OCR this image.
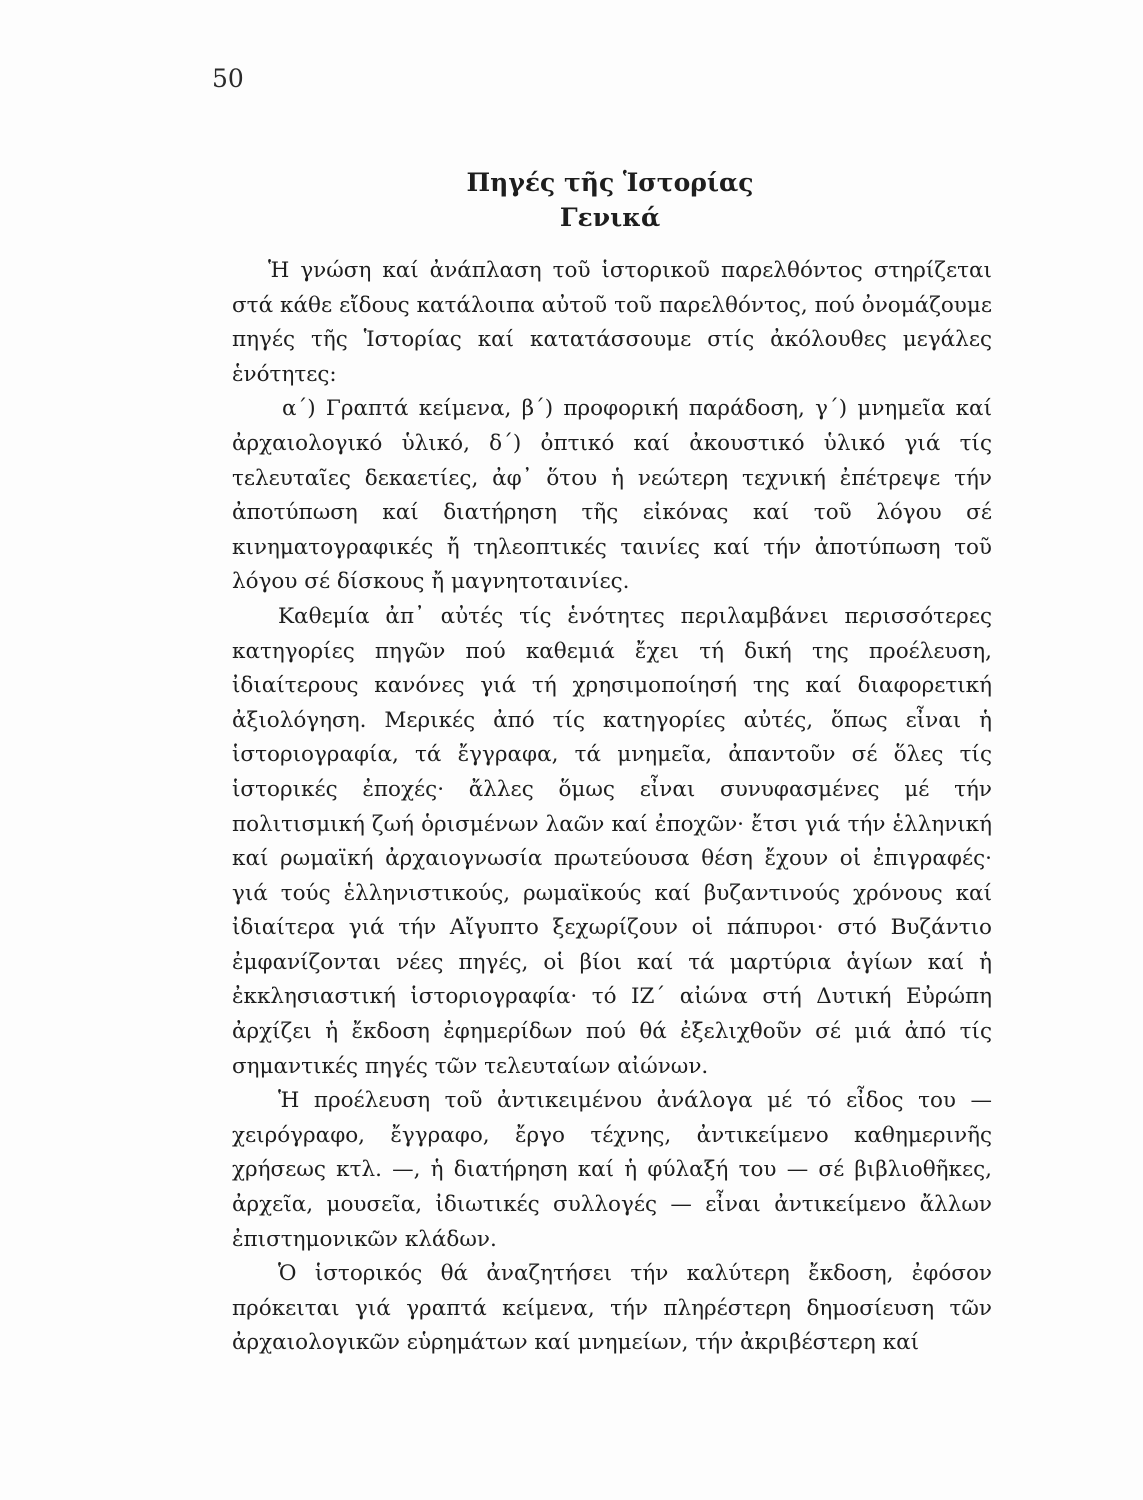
50
Πηγές τῆς Ἱστορίας
Γενικά

Ἡ γνώση καί ἀνάπλαση τοῦ ἱστορικοῦ παρελθόντος στηρίζεται στά κάθε εἴδους κατάλοιπα αὐτοῦ τοῦ παρελθόντος, πού ὀνομάζουμε πηγές τῆς Ἱστορίας καί κατατάσσουμε στίς ἀκόλουθες μεγάλες ἑνότητες:

α΄) Γραπτά κείμενα, β΄) προφορική παράδοση, γ΄) μνημεῖα καί ἀρχαιολογικό ὑλικό, δ΄) ὀπτικό καί ἀκουστικό ὑλικό γιά τίς τελευταῖες δεκαετίες, ἀφ᾽ ὅτου ἡ νεώτερη τεχνική ἐπέτρεψε τήν ἀποτύπωση καί διατήρηση τῆς εἰκόνας καί τοῦ λόγου σέ κινηματογραφικές ἤ τηλεοπτικές ταινίες καί τήν ἀποτύπωση τοῦ λόγου σέ δίσκους ἤ μαγνητοταινίες.

Καθεμία ἀπ᾽ αὐτές τίς ἑνότητες περιλαμβάνει περισσότερες κατηγορίες πηγῶν πού καθεμιά ἔχει τή δική της προέλευση, ἰδιαίτερους κανόνες γιά τή χρησιμοποίησή της καί διαφορετική ἀξιολόγηση. Μερικές ἀπό τίς κατηγορίες αὐτές, ὅπως εἶναι ἡ ἱστοριογραφία, τά ἔγγραφα, τά μνημεῖα, ἀπαντοῦν σέ ὅλες τίς ἱστορικές ἐποχές· ἄλλες ὅμως εἶναι συνυφασμένες μέ τήν πολιτισμική ζωή ὁρισμένων λαῶν καί ἐποχῶν· ἔτσι γιά τήν ἑλληνική καί ρωμαϊκή ἀρχαιογνωσία πρωτεύουσα θέση ἔχουν οἱ ἐπιγραφές· γιά τούς ἑλληνιστικούς, ρωμαϊκούς καί βυζαντινούς χρόνους καί ἰδιαίτερα γιά τήν Αἴγυπτο ξεχωρίζουν οἱ πάπυροι· στό Βυζάντιο ἐμφανίζονται νέες πηγές, οἱ βίοι καί τά μαρτύρια ἁγίων καί ἡ ἐκκλησιαστική ἱστοριογραφία· τό ΙΖ΄ αἰώνα στή Δυτική Εὐρώπη ἀρχίζει ἡ ἔκδοση ἐφημερίδων πού θά ἐξελιχθοῦν σέ μιά ἀπό τίς σημαντικές πηγές τῶν τελευταίων αἰώνων.

Ἡ προέλευση τοῦ ἀντικειμένου ἀνάλογα μέ τό εἶδος του — χειρόγραφο, ἔγγραφο, ἔργο τέχνης, ἀντικείμενο καθημερινῆς χρήσεως κτλ. —, ἡ διατήρηση καί ἡ φύλαξή του — σέ βιβλιοθῆκες, ἀρχεῖα, μουσεῖα, ἰδιωτικές συλλογές — εἶναι ἀντικείμενο ἄλλων ἐπιστημονικῶν κλάδων.

Ὁ ἱστορικός θά ἀναζητήσει τήν καλύτερη ἔκδοση, ἐφόσον πρόκειται γιά γραπτά κείμενα, τήν πληρέστερη δημοσίευση τῶν ἀρχαιολογικῶν εὑρημάτων καί μνημείων, τήν ἀκριβέστερη καί
